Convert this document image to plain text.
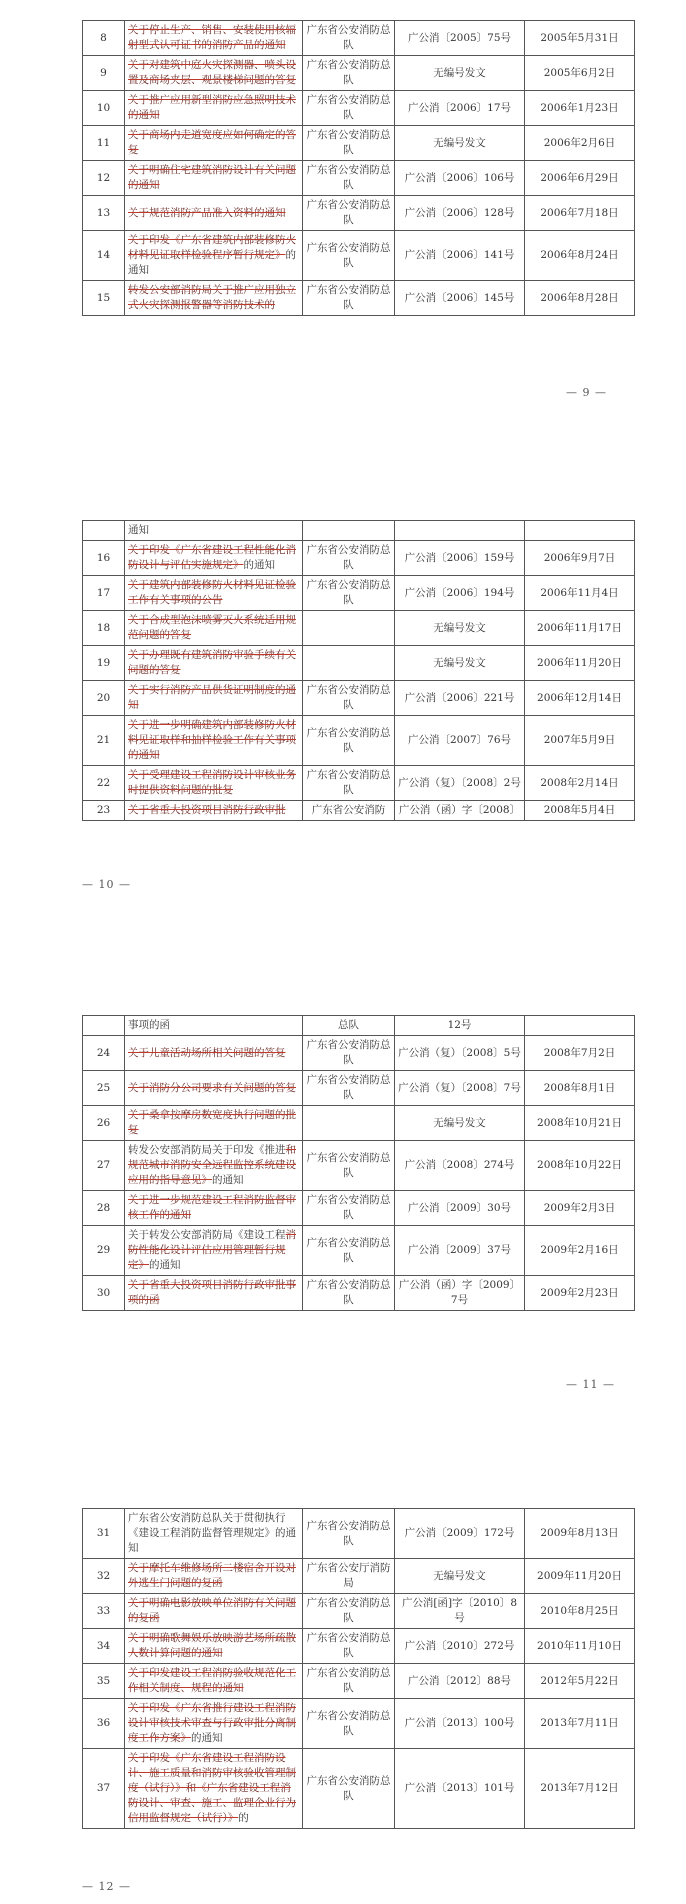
8	关于停止生产、销售、安装使用核辐射型式认可证书的消防产品的通知	广东省公安消防总队	广公消〔2005〕75号	2005年5月31日
9	关于对建筑中庭火灾探测器、喷头设置及商场夹层、观景楼梯问题的答复	广东省公安消防总队	无编号发文	2005年6月2日
10	关于推广应用新型消防应急照明技术的通知	广东省公安消防总队	广公消〔2006〕17号	2006年1月23日
11	关于商场内走道宽度应如何确定的答复	广东省公安消防总队	无编号发文	2006年2月6日
12	关于明确住宅建筑消防设计有关问题的通知	广东省公安消防总队	广公消〔2006〕106号	2006年6月29日
13	关于规范消防产品准入资料的通知	广东省公安消防总队	广公消〔2006〕128号	2006年7月18日
14	关于印发《广东省建筑内部装修防火材料见证取样检验程序暂行规定》的通知	广东省公安消防总队	广公消〔2006〕141号	2006年8月24日
15	转发公安部消防局关于推广应用独立式火灾探测报警器等消防技术的	广东省公安消防总队	广公消〔2006〕145号	2006年8月28日
— 9 —
	通知			
16	关于印发《广东省建设工程性能化消防设计与评估实施规定》的通知	广东省公安消防总队	广公消〔2006〕159号	2006年9月7日
17	关于建筑内部装修防火材料见证检验工作有关事项的公告	广东省公安消防总队	广公消〔2006〕194号	2006年11月4日
18	关于合成型泡沫喷雾灭火系统适用规范问题的答复		无编号发文	2006年11月17日
19	关于办理既有建筑消防审验手续有关问题的答复		无编号发文	2006年11月20日
20	关于实行消防产品供货证明制度的通知	广东省公安消防总队	广公消〔2006〕221号	2006年12月14日
21	关于进一步明确建筑内部装修防火材料见证取样和抽样检验工作有关事项的通知	广东省公安消防总队	广公消〔2007〕76号	2007年5月9日
22	关于受理建设工程消防设计审核业务时提供资料问题的批复	广东省公安消防总队	广公消（复）〔2008〕2号	2008年2月14日
23	关于省重大投资项目消防行政审批	广东省公安消防	广公消（函）字〔2008〕	2008年5月4日
— 10 —
	事项的函	总队	12号	
24	关于儿童活动场所相关问题的答复	广东省公安消防总队	广公消（复）〔2008〕5号	2008年7月2日
25	关于消防分公司要求有关问题的答复	广东省公安消防总队	广公消（复）〔2008〕7号	2008年8月1日
26	关于桑拿按摩房数宽度执行问题的批复		无编号发文	2008年10月21日
27	转发公安部消防局关于印发《推进和规范城市消防安全远程监控系统建设应用的指导意见》的通知	广东省公安消防总队	广公消〔2008〕274号	2008年10月22日
28	关于进一步规范建设工程消防监督审核工作的通知	广东省公安消防总队	广公消〔2009〕30号	2009年2月3日
29	关于转发公安部消防局《建设工程消防性能化设计评估应用管理暂行规定》的通知	广东省公安消防总队	广公消〔2009〕37号	2009年2月16日
30	关于省重大投资项目消防行政审批事项的函	广东省公安消防总队	广公消（函）字〔2009〕7号	2009年2月23日
— 11 —
31	广东省公安消防总队关于贯彻执行《建设工程消防监督管理规定》的通知	广东省公安消防总队	广公消〔2009〕172号	2009年8月13日
32	关于摩托车维修场所二楼宿舍开设对外逃生门问题的复函	广东省公安厅消防局	无编号发文	2009年11月20日
33	关于明确电影放映单位消防有关问题的复函	广东省公安消防总队	广公消[函]字〔2010〕8号	2010年8月25日
34	关于明确歌舞娱乐放映游艺场所疏散人数计算问题的通知	广东省公安消防总队	广公消〔2010〕272号	2010年11月10日
35	关于印发建设工程消防验收规范化工作相关制度、规程的通知	广东省公安消防总队	广公消〔2012〕88号	2012年5月22日
36	关于印发《广东省推行建设工程消防设计审核技术审查与行政审批分离制度工作方案》的通知	广东省公安消防总队	广公消〔2013〕100号	2013年7月11日
37	关于印发《广东省建设工程消防设计、施工质量和消防审核验收管理制度（试行）》和《广东省建设工程消防设计、审查、施工、监理企业行为信用监督规定（试行）》的	广东省公安消防总队	广公消〔2013〕101号	2013年7月12日
— 12 —
